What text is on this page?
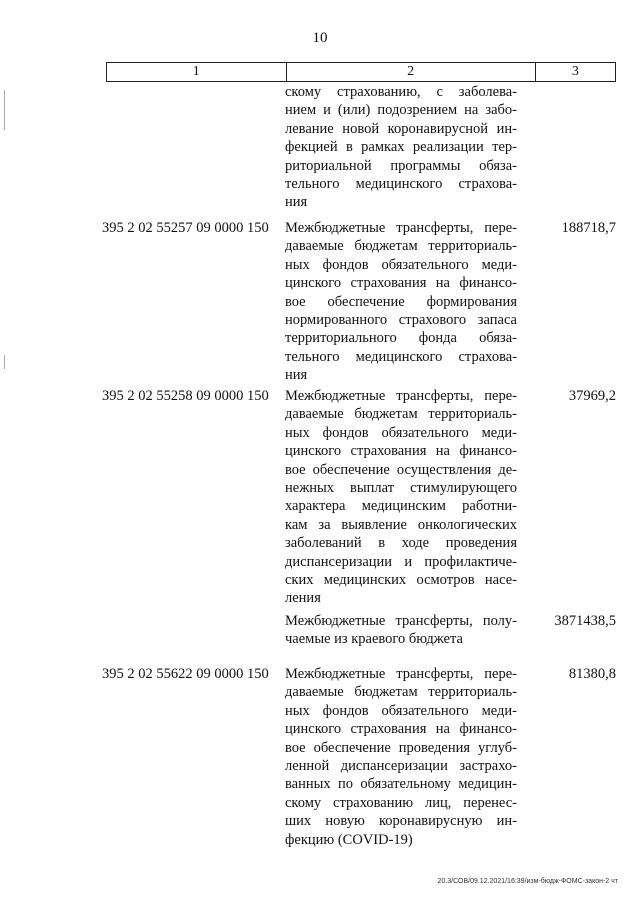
10
1	2	3
скому страхованию, с заболева-
нием и (или) подозрением на забо-
левание новой коронавирусной ин-
фекцией в рамках реализации тер-
риториальной программы обяза-
тельного медицинского страхова-
ния
395 2 02 55257 09 0000 150 Межбюджетные трансферты, пере-
даваемые бюджетам территориаль-
ных фондов обязательного меди-
цинского страхования на финансо-
вое обеспечение формирования
нормированного страхового запаса
территориального фонда обяза-
тельного медицинского страхова-
ния
188718,7
395 2 02 55258 09 0000 150 Межбюджетные трансферты, пере-
даваемые бюджетам территориаль-
ных фондов обязательного меди-
цинского страхования на финансо-
вое обеспечение осуществления де-
нежных выплат стимулирующего
характера медицинским работни-
кам за выявление онкологических
заболеваний в ходе проведения
диспансеризации и профилактиче-
ских медицинских осмотров насе-
ления
37969,2
Межбюджетные трансферты, полу-
чаемые из краевого бюджета
3871438,5
395 2 02 55622 09 0000 150 Межбюджетные трансферты, пере-
даваемые бюджетам территориаль-
ных фондов обязательного меди-
цинского страхования на финансо-
вое обеспечение проведения углуб-
ленной диспансеризации застрахо-
ванных по обязательному медицин-
скому страхованию лиц, перенес-
ших новую коронавирусную ин-
фекцию (COVID-19)
81380,8
20.3/СОВ/09.12.2021/16:39/изм-бюдж-ФОМС-закон-2 чт
